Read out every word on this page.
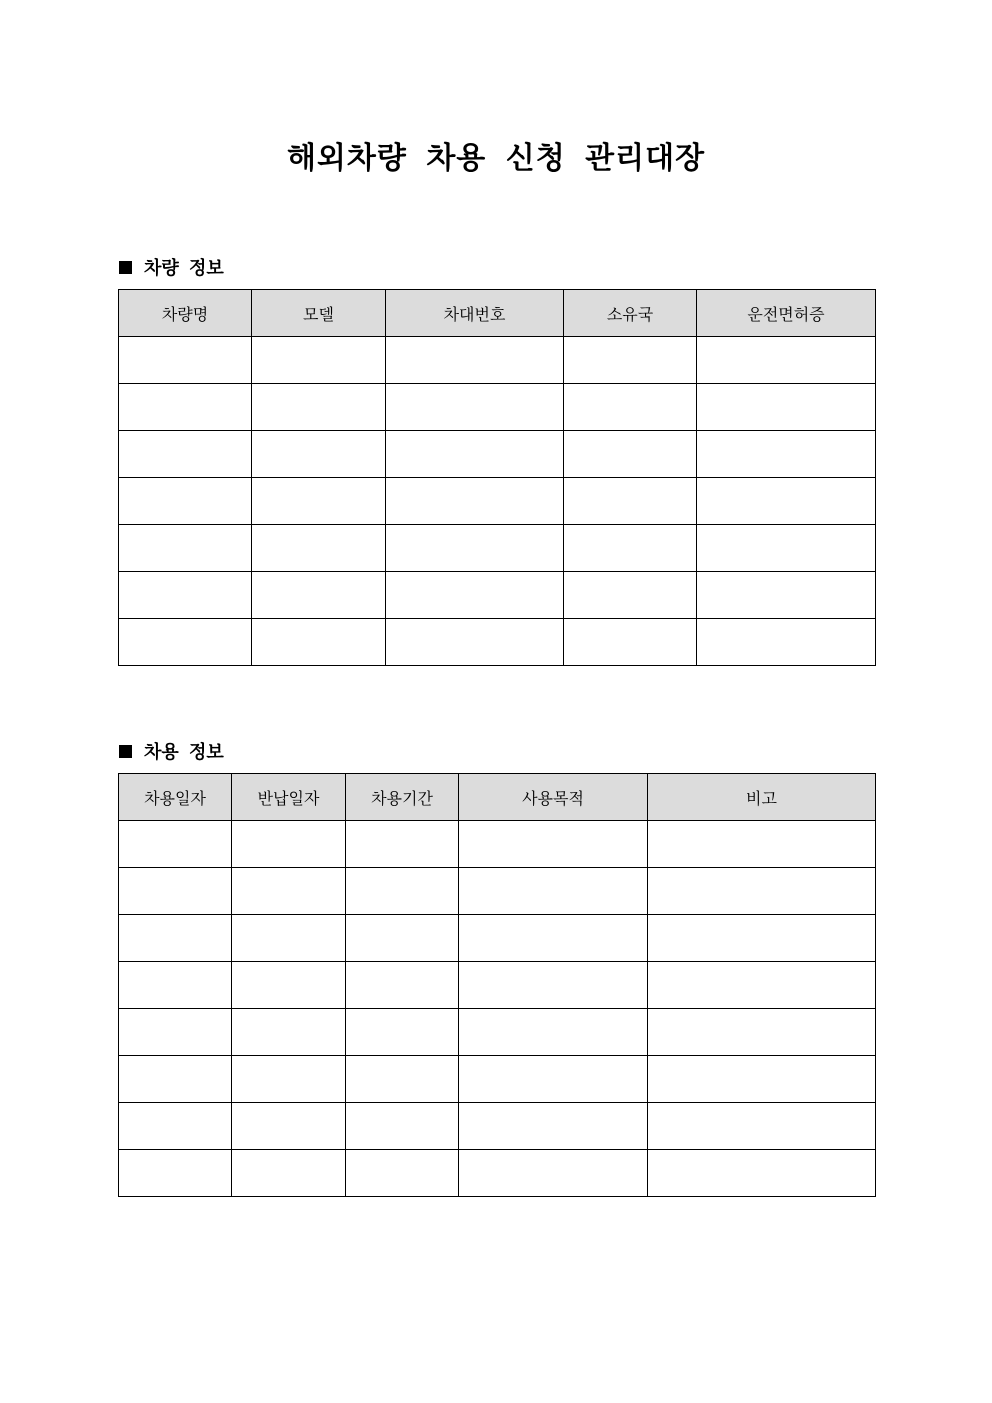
해외차량 차용 신청 관리대장
차량 정보
차량명	모델	차대번호	소유국	운전면허증

차용 정보
차용일자	반납일자	차용기간	사용목적	비고
